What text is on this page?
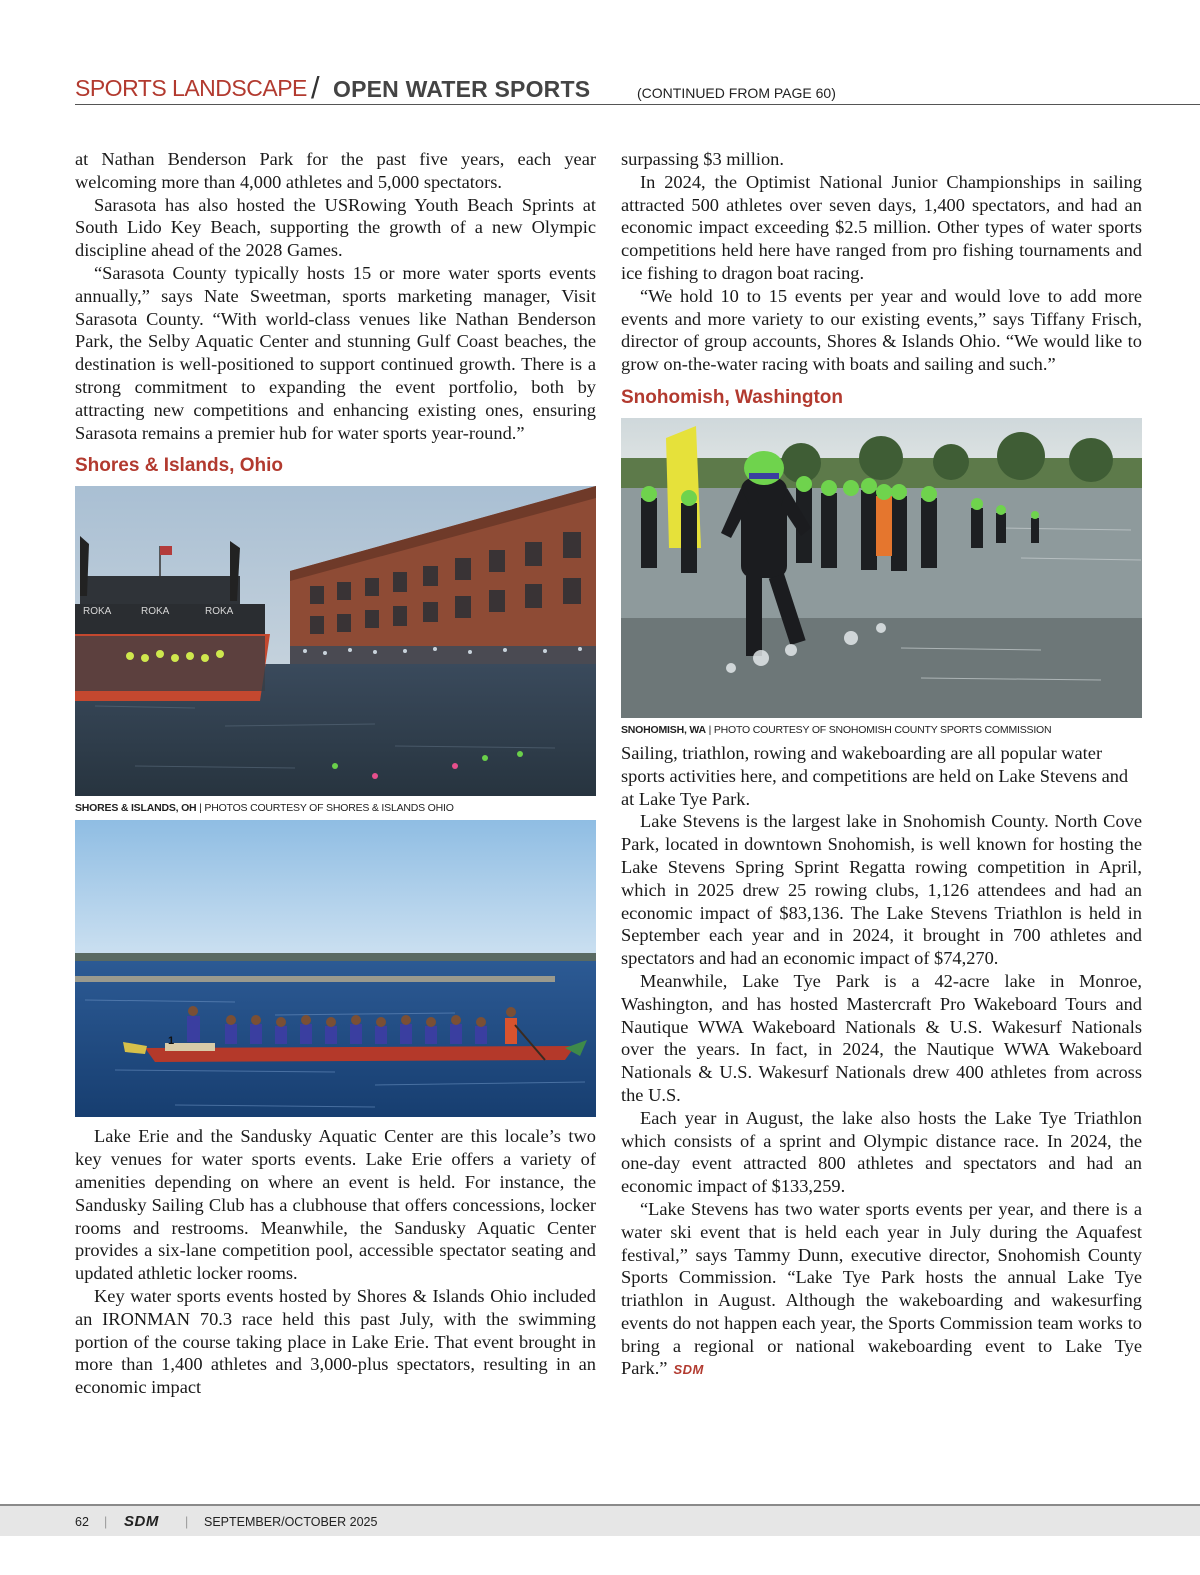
SPORTS LANDSCAPE / OPEN WATER SPORTS	(CONTINUED FROM PAGE 60)

at Nathan Benderson Park for the past five years, each year welcoming more than 4,000 athletes and 5,000 spectators.

Sarasota has also hosted the USRowing Youth Beach Sprints at South Lido Key Beach, supporting the growth of a new Olympic discipline ahead of the 2028 Games.

“Sarasota County typically hosts 15 or more water sports events annually,” says Nate Sweetman, sports marketing manager, Visit Sarasota County. “With world-class venues like Nathan Benderson Park, the Selby Aquatic Center and stunning Gulf Coast beaches, the destination is well-positioned to support continued growth. There is a strong commitment to expanding the event portfolio, both by attracting new competitions and enhancing existing ones, ensuring Sarasota remains a premier hub for water sports year-round.”

Shores & Islands, Ohio
ROKA	ROKA	ROKA
SHORES & ISLANDS, OH | PHOTOS COURTESY OF SHORES & ISLANDS OHIO
1

Lake Erie and the Sandusky Aquatic Center are this locale’s two key venues for water sports events. Lake Erie offers a variety of amenities depending on where an event is held. For instance, the Sandusky Sailing Club has a clubhouse that offers concessions, locker rooms and restrooms. Meanwhile, the Sandusky Aquatic Center provides a six-lane competition pool, accessible spectator seating and updated athletic locker rooms.

Key water sports events hosted by Shores & Islands Ohio included an IRONMAN 70.3 race held this past July, with the swimming portion of the course taking place in Lake Erie. That event brought in more than 1,400 athletes and 3,000-plus spectators, resulting in an economic impact

surpassing $3 million.

In 2024, the Optimist National Junior Championships in sailing attracted 500 athletes over seven days, 1,400 spectators, and had an economic impact exceeding $2.5 million. Other types of water sports competitions held here have ranged from pro fishing tournaments and ice fishing to dragon boat racing.

“We hold 10 to 15 events per year and would love to add more events and more variety to our existing events,” says Tiffany Frisch, director of group accounts, Shores & Islands Ohio. “We would like to grow on-the-water racing with boats and sailing and such.”

Snohomish, Washington
SNOHOMISH, WA | PHOTO COURTESY OF SNOHOMISH COUNTY SPORTS COMMISSION

Sailing, triathlon, rowing and wakeboarding are all popular water sports activities here, and competitions are held on Lake Stevens and at Lake Tye Park.

Lake Stevens is the largest lake in Snohomish County. North Cove Park, located in downtown Snohomish, is well known for hosting the Lake Stevens Spring Sprint Regatta rowing competition in April, which in 2025 drew 25 rowing clubs, 1,126 attendees and had an economic impact of $83,136. The Lake Stevens Triathlon is held in September each year and in 2024, it brought in 700 athletes and spectators and had an economic impact of $74,270.

Meanwhile, Lake Tye Park is a 42-acre lake in Monroe, Washington, and has hosted Mastercraft Pro Wakeboard Tours and Nautique WWA Wakeboard Nationals & U.S. Wakesurf Nationals over the years. In fact, in 2024, the Nautique WWA Wakeboard Nationals & U.S. Wakesurf Nationals drew 400 athletes from across the U.S.

Each year in August, the lake also hosts the Lake Tye Triathlon which consists of a sprint and Olympic distance race. In 2024, the one-day event attracted 800 athletes and spectators and had an economic impact of $133,259.

“Lake Stevens has two water sports events per year, and there is a water ski event that is held each year in July during the Aquafest festival,” says Tammy Dunn, executive director, Snohomish County Sports Commission. “Lake Tye Park hosts the annual Lake Tye triathlon in August. Although the wakeboarding and wakesurfing events do not happen each year, the Sports Commission team works to bring a regional or national wakeboarding event to Lake Tye Park.” SDM

62 | SDM | SEPTEMBER/OCTOBER 2025
